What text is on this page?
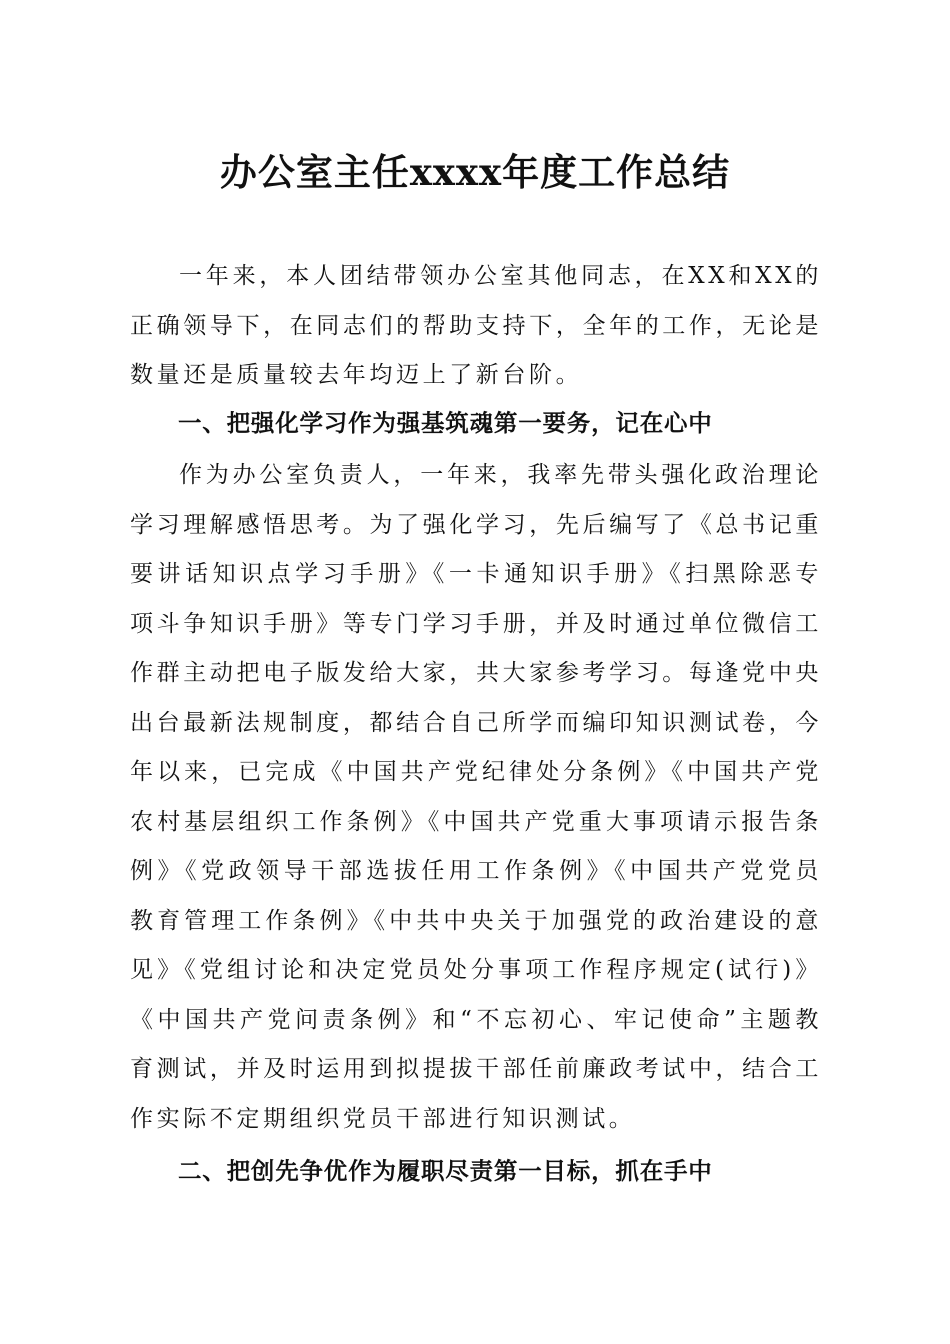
办公室主任xxxx年度工作总结

一年来，本人团结带领办公室其他同志，在XX和XX的正确领导下，在同志们的帮助支持下，全年的工作，无论是数量还是质量较去年均迈上了新台阶。

一、把强化学习作为强基筑魂第一要务，记在心中

作为办公室负责人，一年来，我率先带头强化政治理论学习理解感悟思考。为了强化学习，先后编写了《总书记重要讲话知识点学习手册》《一卡通知识手册》《扫黑除恶专项斗争知识手册》等专门学习手册，并及时通过单位微信工作群主动把电子版发给大家，共大家参考学习。每逢党中央出台最新法规制度，都结合自己所学而编印知识测试卷，今年以来，已完成《中国共产党纪律处分条例》《中国共产党农村基层组织工作条例》《中国共产党重大事项请示报告条例》《党政领导干部选拔任用工作条例》《中国共产党党员教育管理工作条例》《中共中央关于加强党的政治建设的意见》《党组讨论和决定党员处分事项工作程序规定(试行)》《中国共产党问责条例》和“不忘初心、牢记使命”主题教育测试，并及时运用到拟提拔干部任前廉政考试中，结合工作实际不定期组织党员干部进行知识测试。

二、把创先争优作为履职尽责第一目标，抓在手中
